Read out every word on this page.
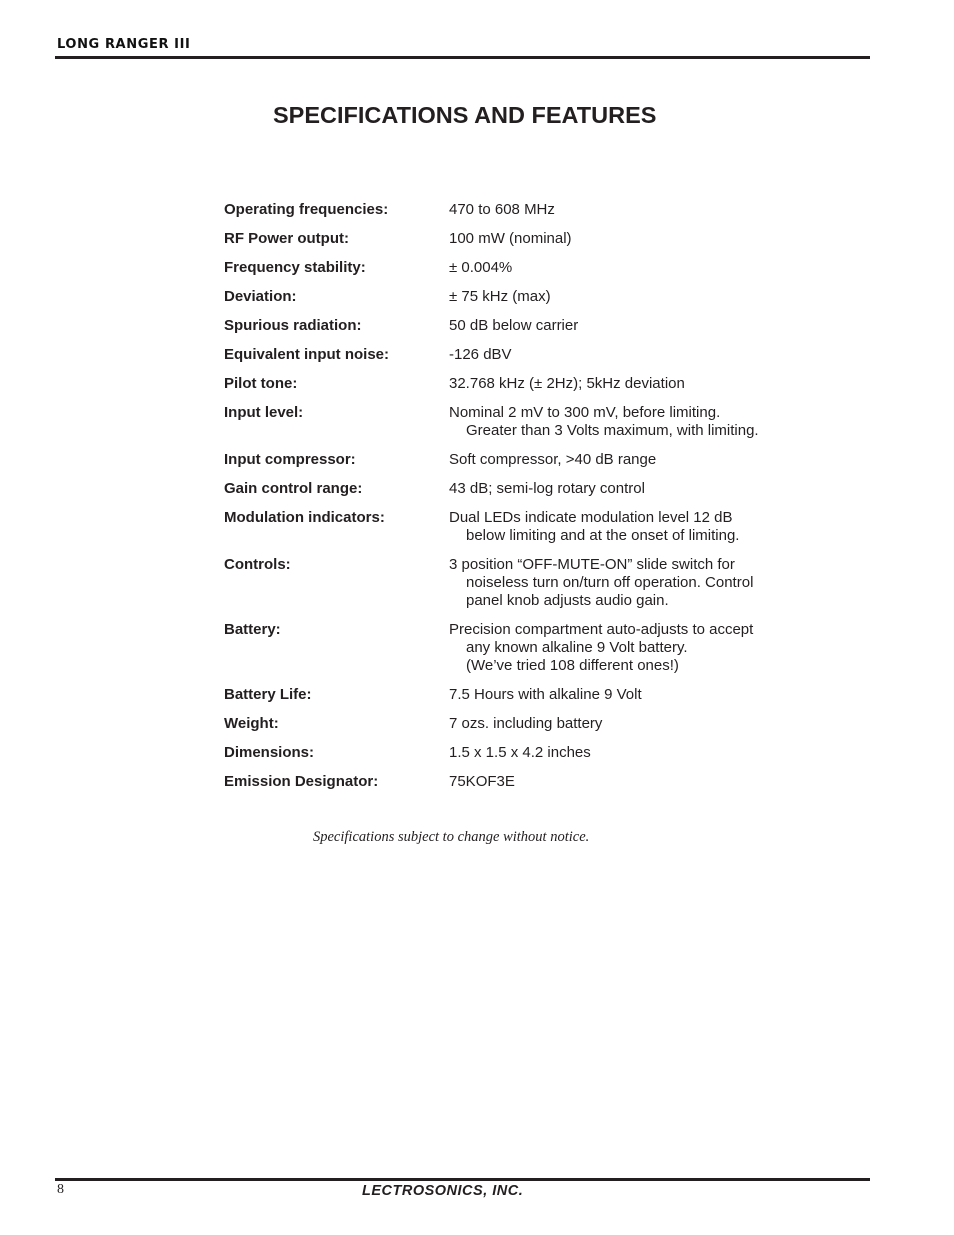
LONG RANGER III
SPECIFICATIONS AND FEATURES
Operating frequencies:	470 to 608 MHz
RF Power output:	100 mW (nominal)
Frequency stability:	± 0.004%
Deviation:	± 75 kHz (max)
Spurious radiation:	50 dB below carrier
Equivalent input noise:	-126 dBV
Pilot tone:	32.768 kHz (± 2Hz); 5kHz deviation
Input level:	Nominal 2 mV to 300 mV, before limiting.
Greater than 3 Volts maximum, with limiting.
Input compressor:	Soft compressor, >40 dB range
Gain control range:	43 dB; semi-log rotary control
Modulation indicators:	Dual LEDs indicate modulation level 12 dB
below limiting and at the onset of limiting.
Controls:	3 position “OFF-MUTE-ON” slide switch for
noiseless turn on/turn off operation. Control
panel knob adjusts audio gain.
Battery:	Precision compartment auto-adjusts to accept
any known alkaline 9 Volt battery.
(We’ve tried 108 different ones!)
Battery Life:	7.5 Hours with alkaline 9 Volt
Weight:	7 ozs. including battery
Dimensions:	1.5 x 1.5 x 4.2 inches
Emission Designator:	75KOF3E
Specifications subject to change without notice.
8	LECTROSONICS, INC.
